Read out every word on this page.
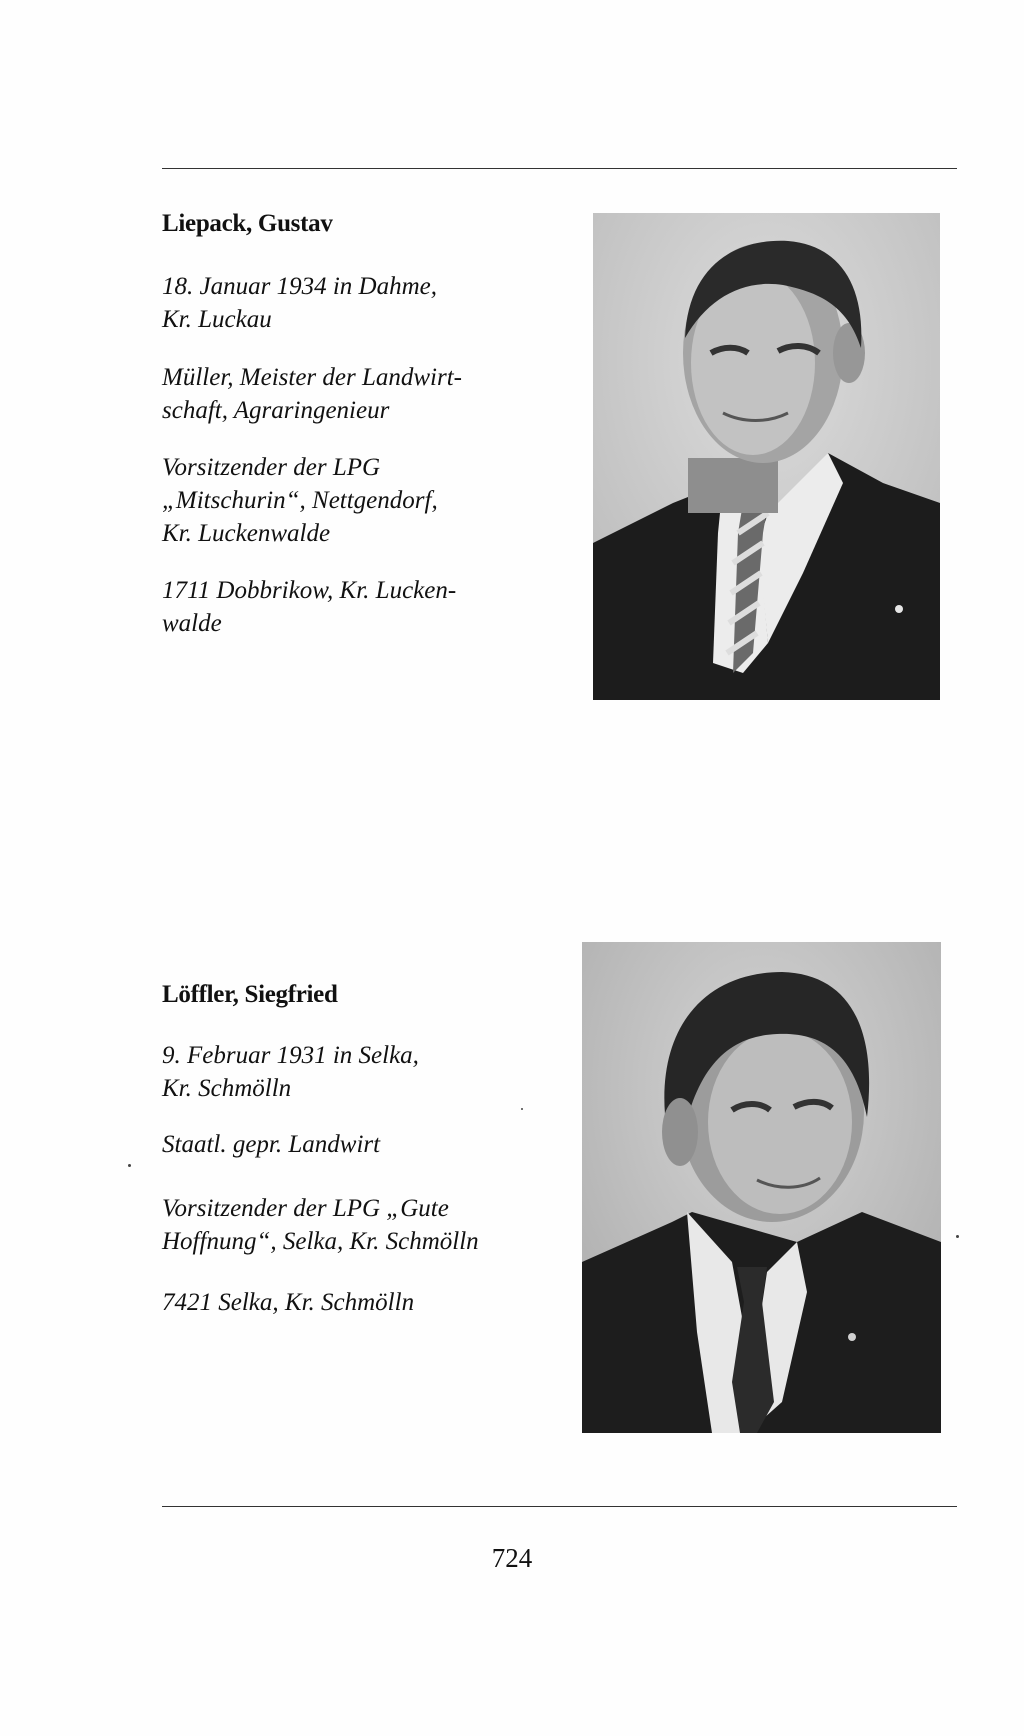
Liepack, Gustav

18. Januar 1934 in Dahme,
Kr. Luckau

Müller, Meister der Landwirt-
schaft, Agraringenieur

Vorsitzender der LPG
„Mitschurin“, Nettgendorf,
Kr. Luckenwalde

1711 Dobbrikow, Kr. Lucken-
walde

Löffler, Siegfried

9. Februar 1931 in Selka,
Kr. Schmölln

Staatl. gepr. Landwirt

Vorsitzender der LPG „Gute
Hoffnung“, Selka, Kr. Schmölln

7421 Selka, Kr. Schmölln

724
